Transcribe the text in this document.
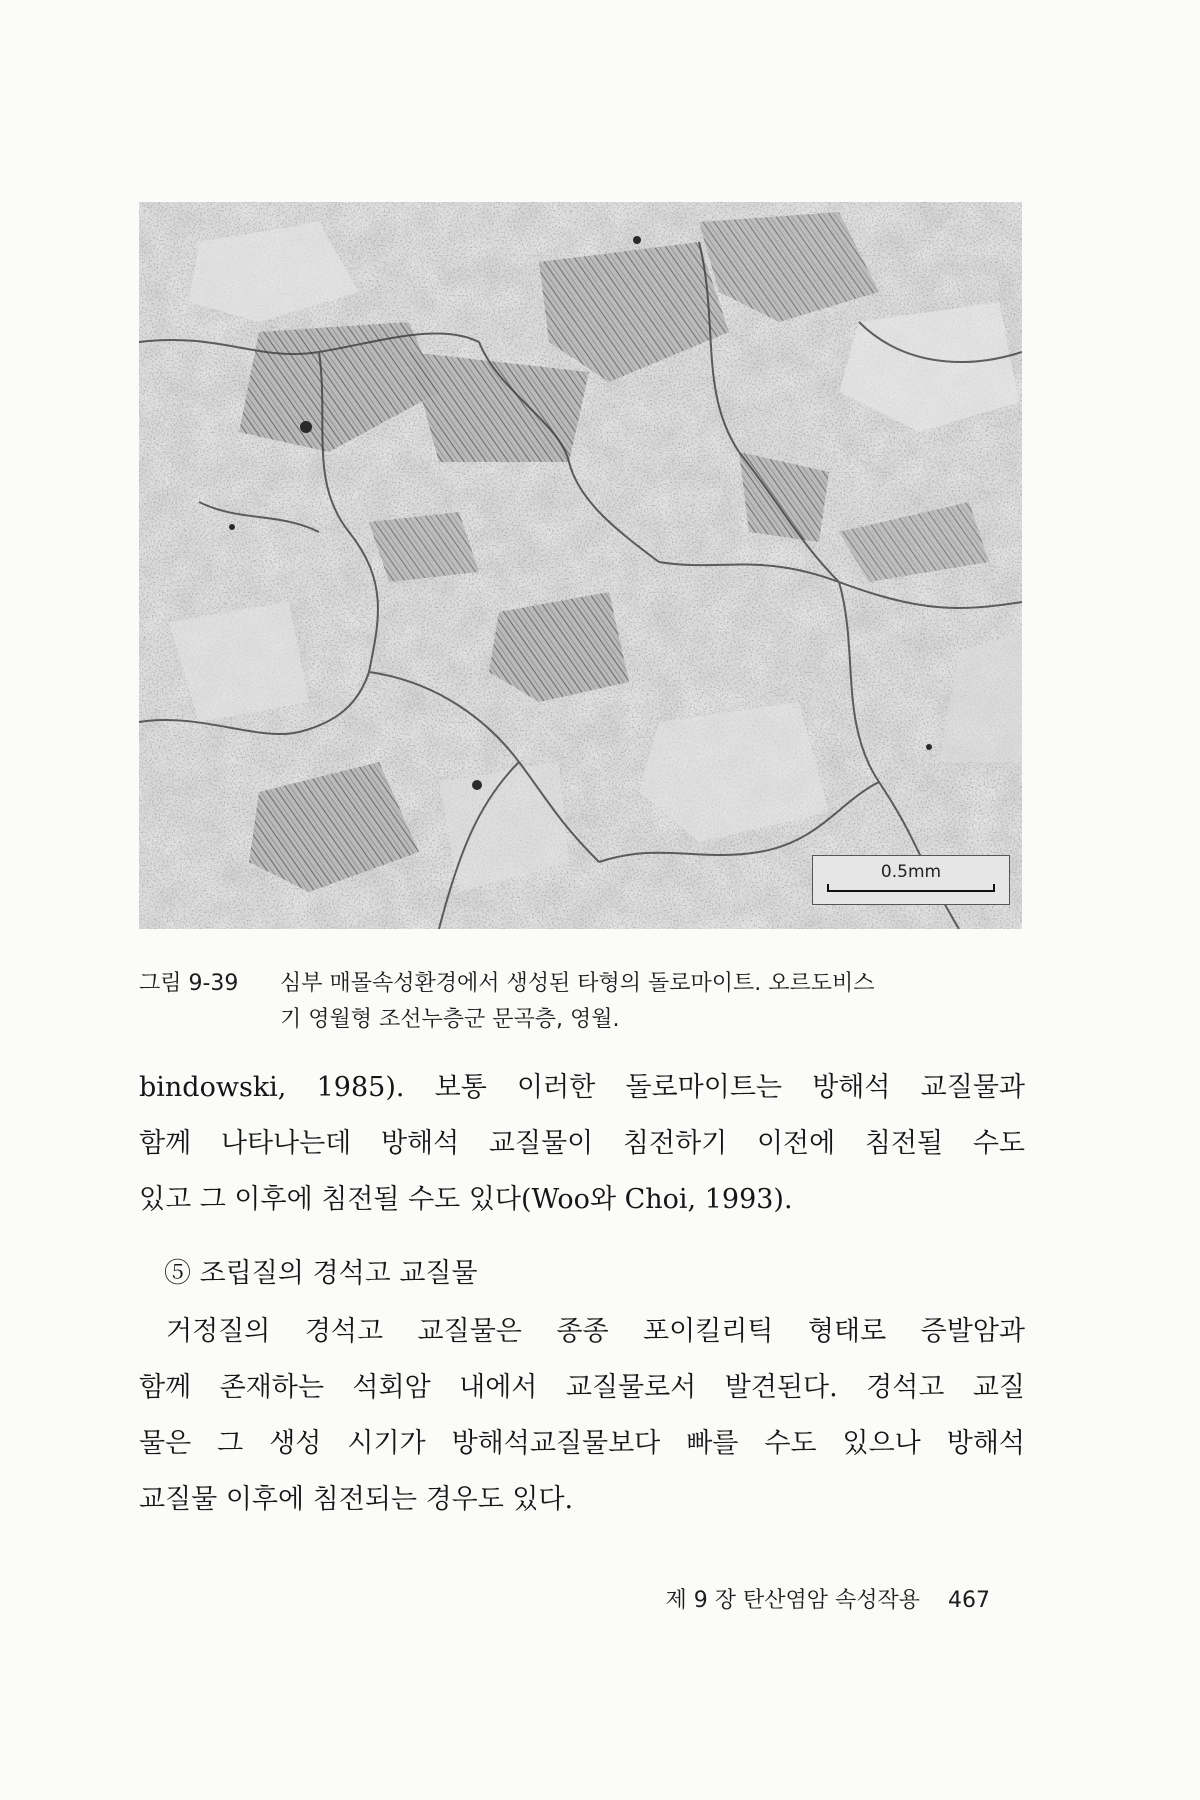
0.5mm
그림 9-39 심부 매몰속성환경에서 생성된 타형의 돌로마이트. 오르도비스
기 영월형 조선누층군 문곡층, 영월.
bindowski, 1985). 보통 이러한 돌로마이트는 방해석 교질물과
함께 나타나는데 방해석 교질물이 침전하기 이전에 침전될 수도
있고 그 이후에 침전될 수도 있다(Woo와 Choi, 1993).
⑤ 조립질의 경석고 교질물
거정질의 경석고 교질물은 종종 포이킬리틱 형태로 증발암과
함께 존재하는 석회암 내에서 교질물로서 발견된다. 경석고 교질
물은 그 생성 시기가 방해석교질물보다 빠를 수도 있으나 방해석
교질물 이후에 침전되는 경우도 있다.
제 9 장 탄산염암 속성작용 467
